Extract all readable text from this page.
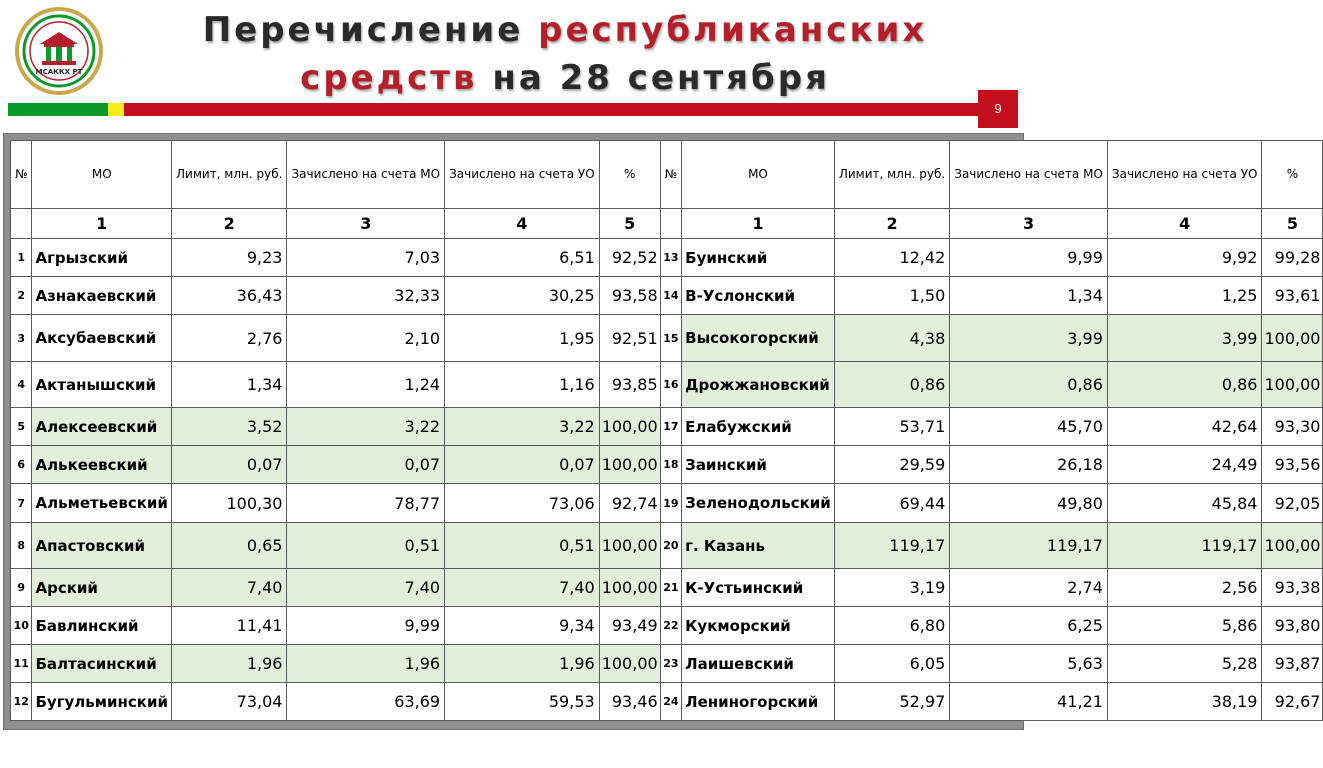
МСАККХ РТ
Перечисление республиканских
средств на 28 сентября
9
№	МО	Лимит, млн. руб.	Зачислено на счета МО	Зачислено на счета УО	%	№	МО	Лимит, млн. руб.	Зачислено на счета МО	Зачислено на счета УО	%
	1	2	3	4	5		1	2	3	4	5
1	Агрызский	9,23	7,03	6,51	92,52	13	Буинский	12,42	9,99	9,92	99,28
2	Азнакаевский	36,43	32,33	30,25	93,58	14	В-Услонский	1,50	1,34	1,25	93,61
3	Аксубаевский	2,76	2,10	1,95	92,51	15	Высокогорский	4,38	3,99	3,99	100,00
4	Актанышский	1,34	1,24	1,16	93,85	16	Дрожжановский	0,86	0,86	0,86	100,00
5	Алексеевский	3,52	3,22	3,22	100,00	17	Елабужский	53,71	45,70	42,64	93,30
6	Алькеевский	0,07	0,07	0,07	100,00	18	Заинский	29,59	26,18	24,49	93,56
7	Альметьевский	100,30	78,77	73,06	92,74	19	Зеленодольский	69,44	49,80	45,84	92,05
8	Апастовский	0,65	0,51	0,51	100,00	20	г. Казань	119,17	119,17	119,17	100,00
9	Арский	7,40	7,40	7,40	100,00	21	К-Устьинский	3,19	2,74	2,56	93,38
10	Бавлинский	11,41	9,99	9,34	93,49	22	Кукморский	6,80	6,25	5,86	93,80
11	Балтасинский	1,96	1,96	1,96	100,00	23	Лаишевский	6,05	5,63	5,28	93,87
12	Бугульминский	73,04	63,69	59,53	93,46	24	Лениногорский	52,97	41,21	38,19	92,67
